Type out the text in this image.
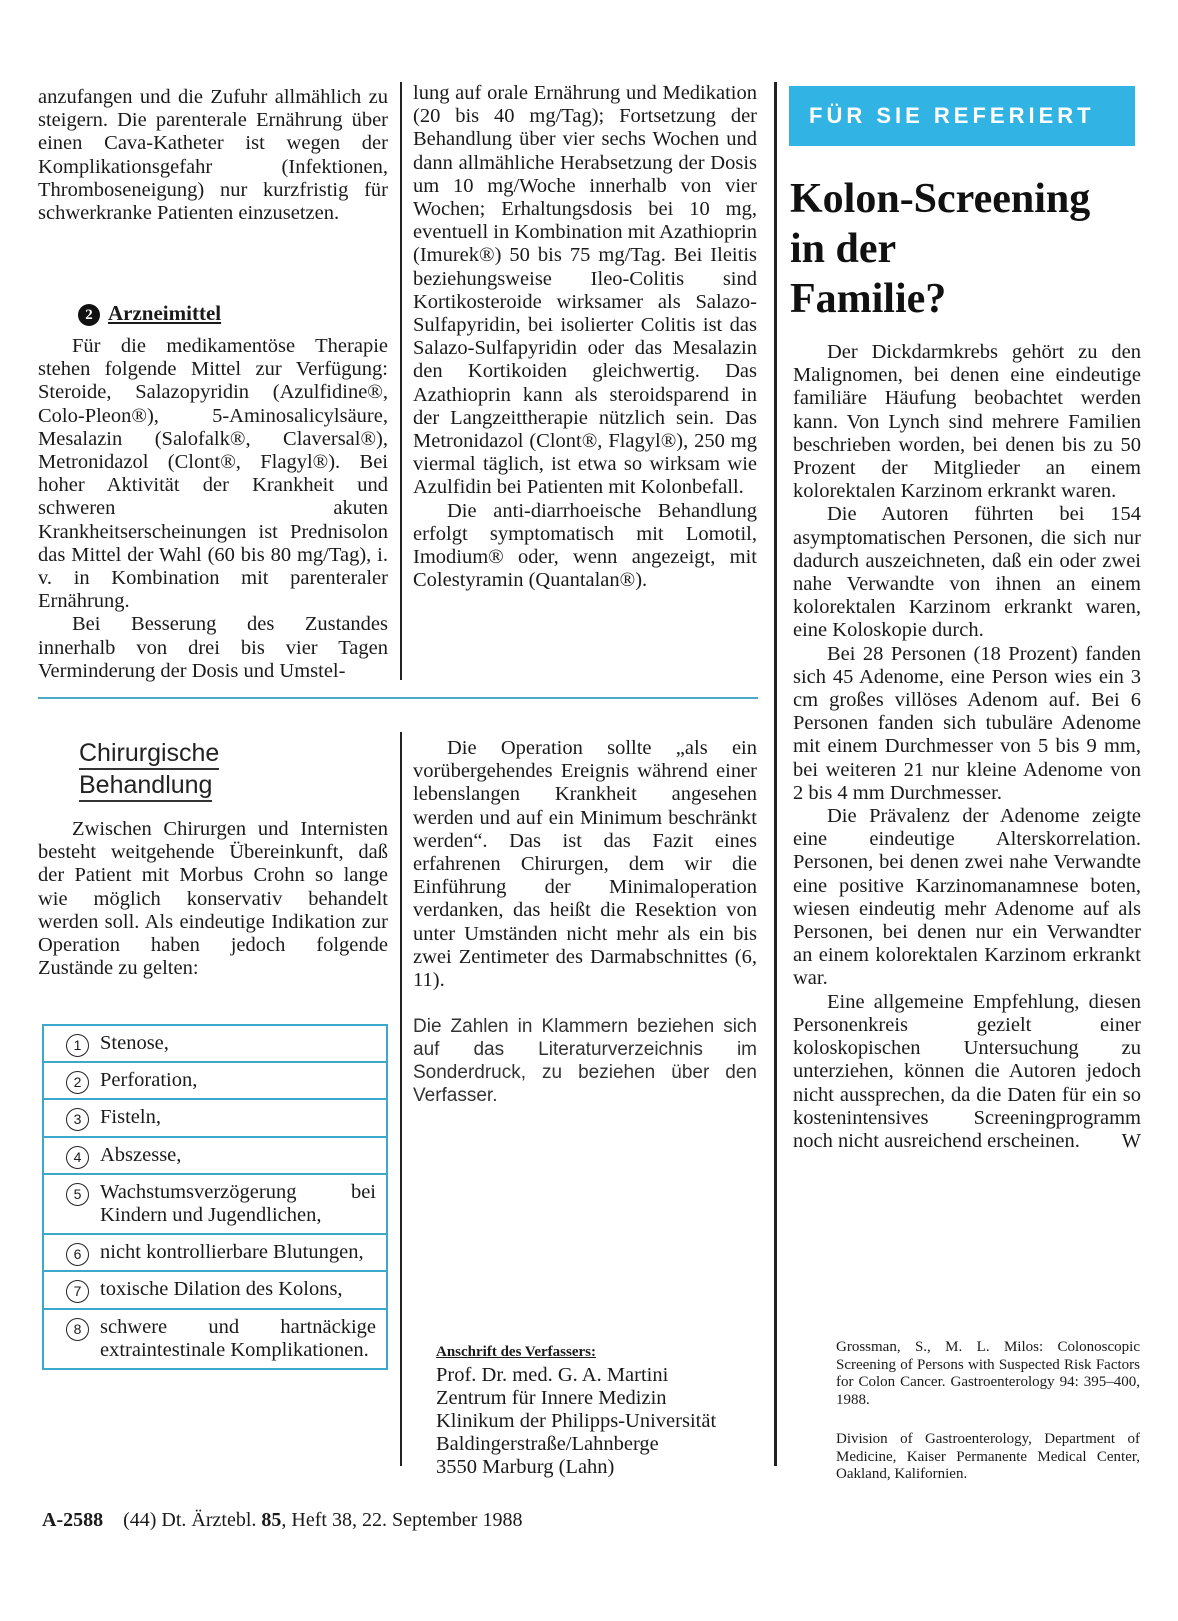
anzufangen und die Zufuhr allmählich zu steigern. Die parenterale Ernährung über einen Cava-Katheter ist wegen der Komplikationsgefahr (Infektionen, Thromboseneigung) nur kurzfristig für schwerkranke Patienten einzusetzen.

2 Arzneimittel

Für die medikamentöse Therapie stehen folgende Mittel zur Verfügung: Steroide, Salazopyridin (Azulfidine®, Colo-Pleon®), 5-Aminosalicylsäure, Mesalazin (Salofalk®, Claversal®), Metronidazol (Clont®, Flagyl®). Bei hoher Aktivität der Krankheit und schweren akuten Krankheitserscheinungen ist Prednisolon das Mittel der Wahl (60 bis 80 mg/Tag), i. v. in Kombination mit parenteraler Ernährung.

Bei Besserung des Zustandes innerhalb von drei bis vier Tagen Verminderung der Dosis und Umstel-

lung auf orale Ernährung und Medikation (20 bis 40 mg/Tag); Fortsetzung der Behandlung über vier sechs Wochen und dann allmähliche Herabsetzung der Dosis um 10 mg/Woche innerhalb von vier Wochen; Erhaltungsdosis bei 10 mg, eventuell in Kombination mit Azathioprin (Imurek®) 50 bis 75 mg/Tag. Bei Ileitis beziehungsweise Ileo-Colitis sind Kortikosteroide wirksamer als Salazo-Sulfapyridin, bei isolierter Colitis ist das Salazo-Sulfapyridin oder das Mesalazin den Kortikoiden gleichwertig. Das Azathioprin kann als steroidsparend in der Langzeittherapie nützlich sein. Das Metronidazol (Clont®, Flagyl®), 250 mg viermal täglich, ist etwa so wirksam wie Azulfidin bei Patienten mit Kolonbefall.

Die anti-diarrhoeische Behandlung erfolgt symptomatisch mit Lomotil, Imodium® oder, wenn angezeigt, mit Colestyramin (Quantalan®).

Chirurgische
Behandlung

Zwischen Chirurgen und Internisten besteht weitgehende Übereinkunft, daß der Patient mit Morbus Crohn so lange wie möglich konservativ behandelt werden soll. Als eindeutige Indikation zur Operation haben jedoch folgende Zustände zu gelten:

1 Stenose,
2 Perforation,
3 Fisteln,
4 Abszesse,
5 Wachstumsverzögerung bei Kindern und Jugendlichen,
6 nicht kontrollierbare Blutungen,
7 toxische Dilation des Kolons,
8 schwere und hartnäckige extraintestinale Komplikationen.

Die Operation sollte „als ein vorübergehendes Ereignis während einer lebenslangen Krankheit angesehen werden und auf ein Minimum beschränkt werden“. Das ist das Fazit eines erfahrenen Chirurgen, dem wir die Einführung der Minimaloperation verdanken, das heißt die Resektion von unter Umständen nicht mehr als ein bis zwei Zentimeter des Darmabschnittes (6, 11).

Die Zahlen in Klammern beziehen sich auf das Literaturverzeichnis im Sonderdruck, zu beziehen über den Verfasser.
Anschrift des Verfassers:
Prof. Dr. med. G. A. Martini
Zentrum für Innere Medizin
Klinikum der Philipps-Universität
Baldingerstraße/Lahnberge
3550 Marburg (Lahn)
FÜR SIE REFERIERT
Kolon-Screening
in der
Familie?

Der Dickdarmkrebs gehört zu den Malignomen, bei denen eine eindeutige familiäre Häufung beobachtet werden kann. Von Lynch sind mehrere Familien beschrieben worden, bei denen bis zu 50 Prozent der Mitglieder an einem kolorektalen Karzinom erkrankt waren.

Die Autoren führten bei 154 asymptomatischen Personen, die sich nur dadurch auszeichneten, daß ein oder zwei nahe Verwandte von ihnen an einem kolorektalen Karzinom erkrankt waren, eine Koloskopie durch.

Bei 28 Personen (18 Prozent) fanden sich 45 Adenome, eine Person wies ein 3 cm großes villöses Adenom auf. Bei 6 Personen fanden sich tubuläre Adenome mit einem Durchmesser von 5 bis 9 mm, bei weiteren 21 nur kleine Adenome von 2 bis 4 mm Durchmesser.

Die Prävalenz der Adenome zeigte eine eindeutige Alterskorrelation. Personen, bei denen zwei nahe Verwandte eine positive Karzinomanamnese boten, wiesen eindeutig mehr Adenome auf als Personen, bei denen nur ein Verwandter an einem kolorektalen Karzinom erkrankt war.

Eine allgemeine Empfehlung, diesen Personenkreis gezielt einer koloskopischen Untersuchung zu unterziehen, können die Autoren jedoch nicht aussprechen, da die Daten für ein so kostenintensives Screeningprogramm noch nicht ausreichend erscheinen.	W

Grossman, S., M. L. Milos: Colonoscopic Screening of Persons with Suspected Risk Factors for Colon Cancer. Gastroenterology 94: 395–400, 1988.
Division of Gastroenterology, Department of Medicine, Kaiser Permanente Medical Center, Oakland, Kalifornien.
A-2588 (44) Dt. Ärztebl. 85, Heft 38, 22. September 1988
